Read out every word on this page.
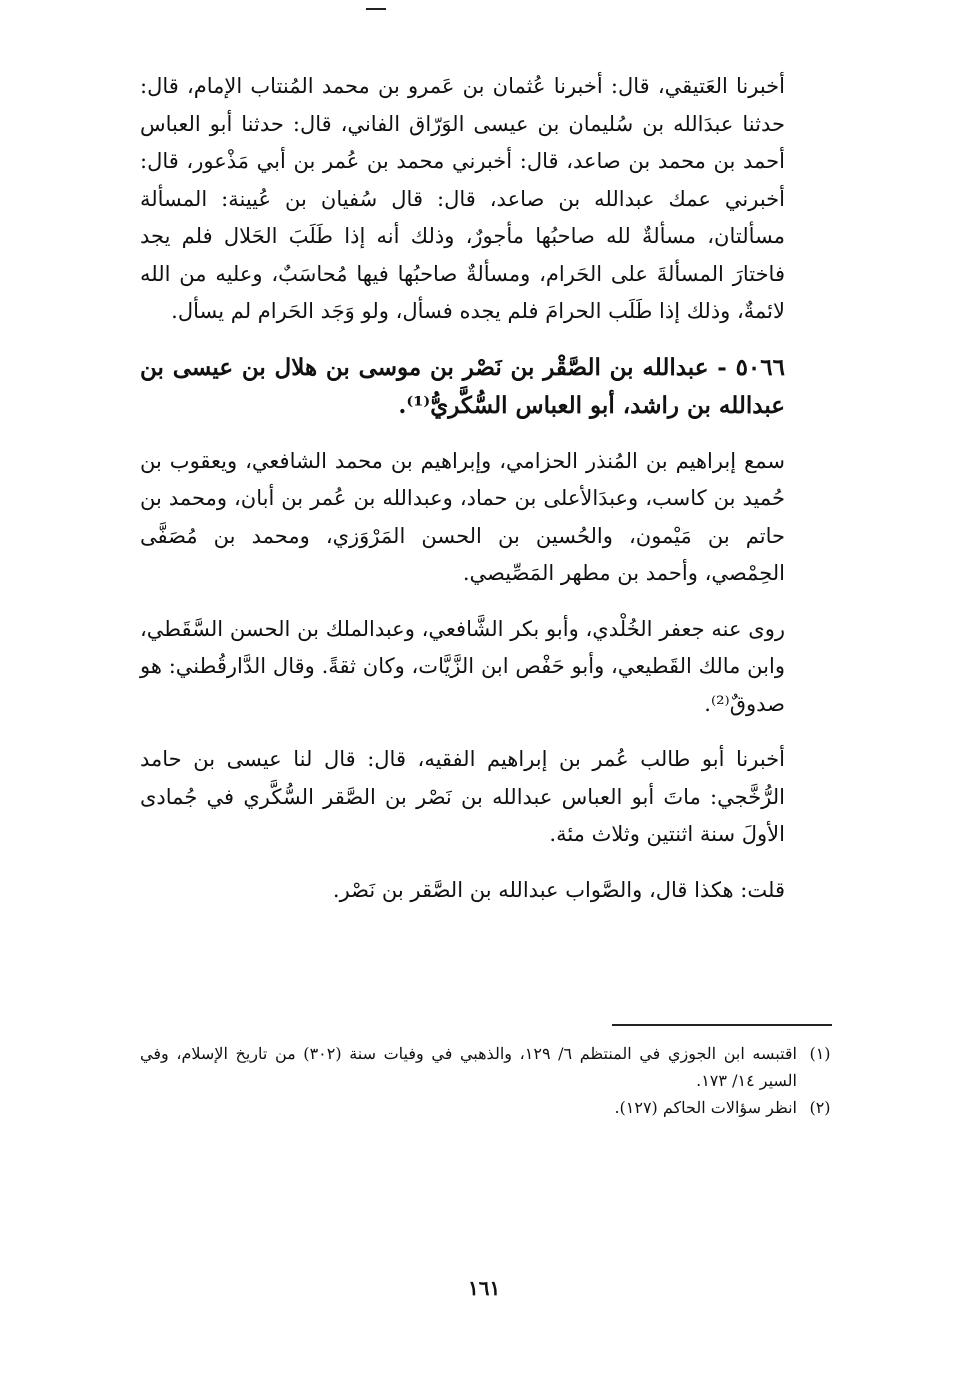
أخبرنا العَتيقي، قال: أخبرنا عُثمان بن عَمرو بن محمد المُنتاب الإمام، قال: حدثنا عبدَالله بن سُليمان بن عيسى الوَرّاق الفاني، قال: حدثنا أبو العباس أحمد بن محمد بن صاعد، قال: أخبرني محمد بن عُمر بن أبي مَذْعور، قال: أخبرني عمك عبدالله بن صاعد، قال: قال سُفيان بن عُيينة: المسألة مسألتان، مسألةٌ لله صاحبُها مأجورٌ، وذلك أنه إذا طَلَبَ الحَلال فلم يجد فاختارَ المسألةَ على الحَرام، ومسألةٌ صاحبُها فيها مُحاسَبٌ، وعليه من الله لائمةٌ، وذلك إذا طَلَب الحرامَ فلم يجده فسأل، ولو وَجَد الحَرام لم يسأل.

٥٠٦٦ - عبدالله بن الصَّقْر بن نَصْر بن موسى بن هلال بن عيسى بن عبدالله بن راشد، أبو العباس السُّكَّريُّ⁽¹⁾.

سمع إبراهيم بن المُنذر الحزامي، وإبراهيم بن محمد الشافعي، ويعقوب بن حُميد بن كاسب، وعبدَالأعلى بن حماد، وعبدالله بن عُمر بن أبان، ومحمد بن حاتم بن مَيْمون، والحُسين بن الحسن المَرْوَزي، ومحمد بن مُصَفَّى الحِمْصي، وأحمد بن مطهر المَصِّيصي.

روى عنه جعفر الخُلْدي، وأبو بكر الشَّافعي، وعبدالملك بن الحسن السَّقَطي، وابن مالك القَطيعي، وأبو حَفْص ابن الزَّيَّات، وكان ثقةً. وقال الدَّارقُطني: هو صدوقٌ⁽²⁾.

أخبرنا أبو طالب عُمر بن إبراهيم الفقيه، قال: قال لنا عيسى بن حامد الرُّخَّجي: ماتَ أبو العباس عبدالله بن نَصْر بن الصَّقر السُّكَّري في جُمادى الأولَ سنة اثنتين وثلاث مئة.

قلت: هكذا قال، والصَّواب عبدالله بن الصَّقر بن نَصْر.

(١)
اقتبسه ابن الجوزي في المنتظم ٦/ ١٢٩، والذهبي في وفيات سنة (٣٠٢) من تاريخ الإسلام، وفي السير ١٤/ ١٧٣.
(٢)
انظر سؤالات الحاكم (١٢٧).
١٦١
